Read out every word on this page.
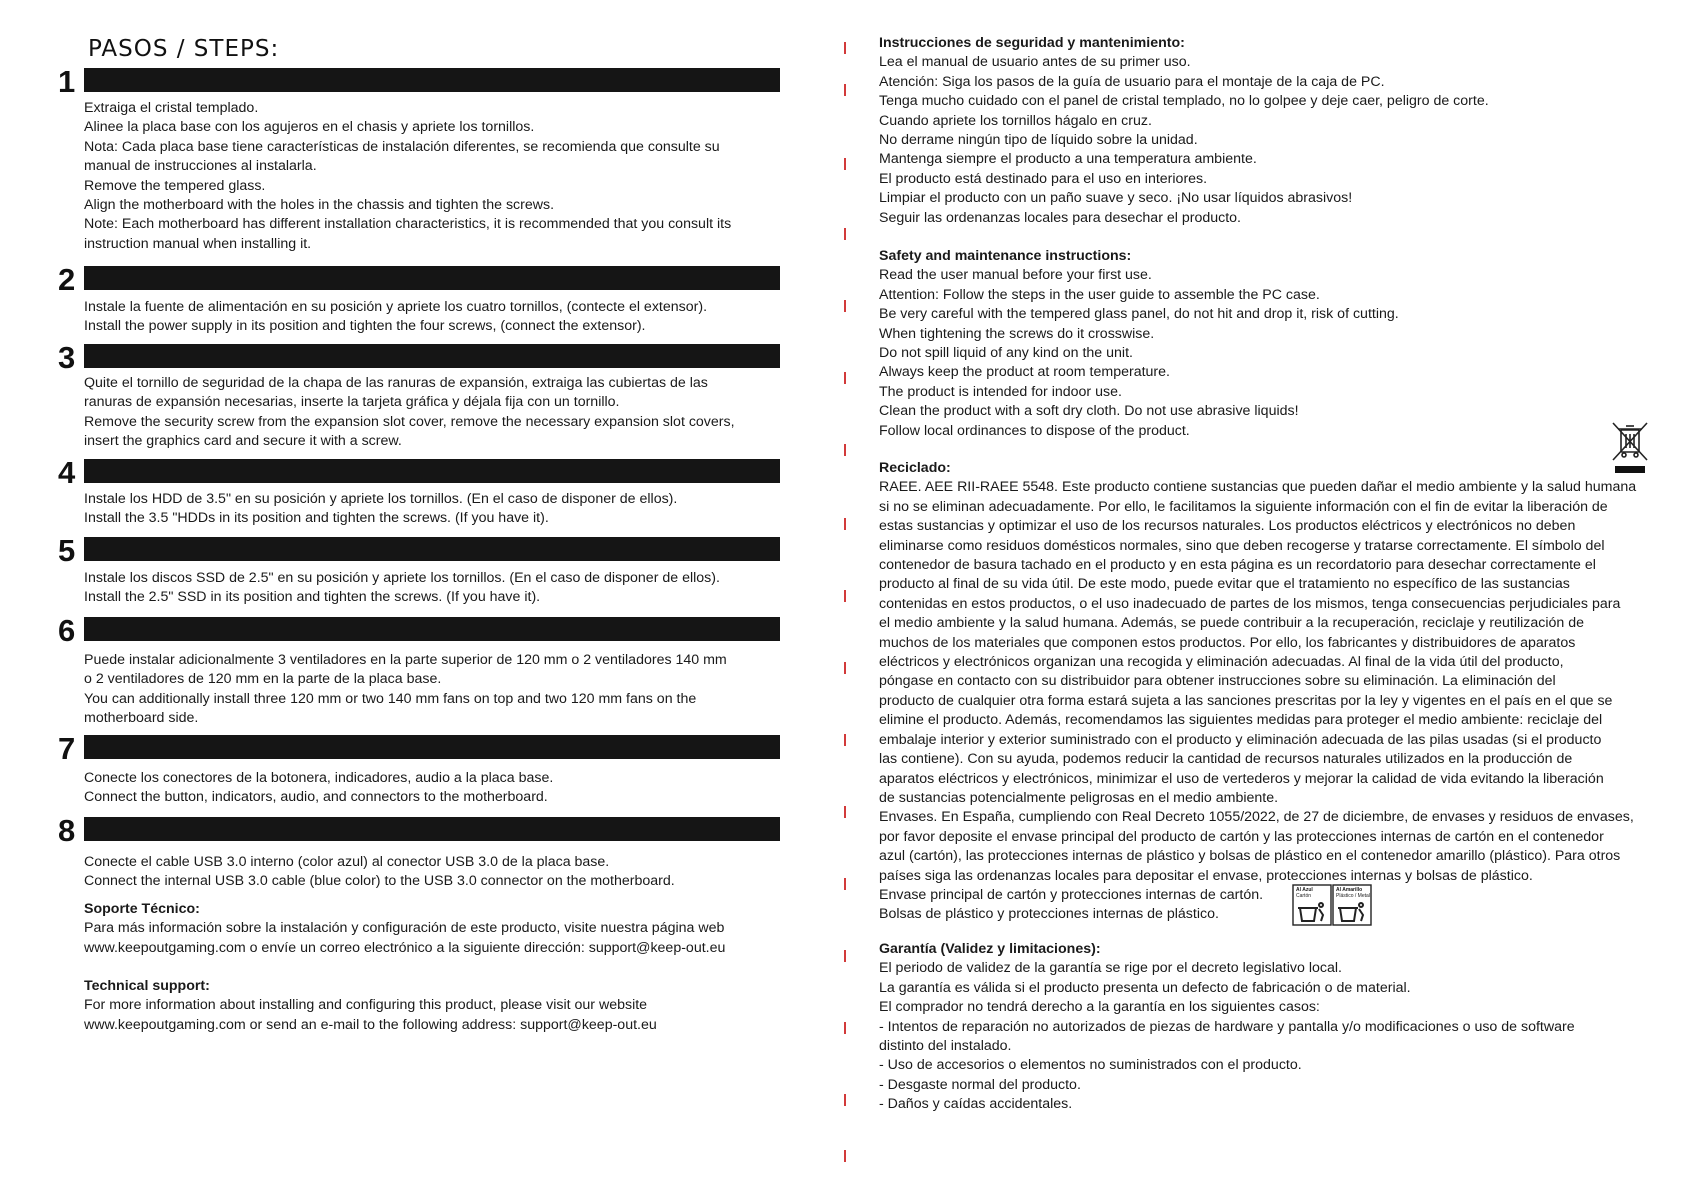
PASOS / STEPS:
1
Extraiga el cristal templado.
Alinee la placa base con los agujeros en el chasis y apriete los tornillos.
Nota: Cada placa base tiene características de instalación diferentes, se recomienda que consulte su
manual de instrucciones al instalarla.
Remove the tempered glass.
Align the motherboard with the holes in the chassis and tighten the screws.
Note: Each motherboard has different installation characteristics, it is recommended that you consult its
instruction manual when installing it.
2
Instale la fuente de alimentación en su posición y apriete los cuatro tornillos, (contecte el extensor).
Install the power supply in its position and tighten the four screws, (connect the extensor).
3
Quite el tornillo de seguridad de la chapa de las ranuras de expansión, extraiga las cubiertas de las
ranuras de expansión necesarias, inserte la tarjeta gráfica y déjala fija con un tornillo.
Remove the security screw from the expansion slot cover, remove the necessary expansion slot covers,
insert the graphics card and secure it with a screw.
4
Instale los HDD de 3.5" en su posición y apriete los tornillos. (En el caso de disponer de ellos).
Install the 3.5 "HDDs in its position and tighten the screws. (If you have it).
5
Instale los discos SSD de 2.5" en su posición y apriete los tornillos. (En el caso de disponer de ellos).
Install the 2.5" SSD in its position and tighten the screws. (If you have it).
6
Puede instalar adicionalmente 3 ventiladores en la parte superior de 120 mm o 2 ventiladores 140 mm
o 2 ventiladores de 120 mm en la parte de la placa base.
You can additionally install three 120 mm or two 140 mm fans on top and two 120 mm fans on the
motherboard side.
7
Conecte los conectores de la botonera, indicadores, audio a la placa base.
Connect the button, indicators, audio, and connectors to the motherboard.
8
Conecte el cable USB 3.0 interno (color azul) al conector USB 3.0 de la placa base.
Connect the internal USB 3.0 cable (blue color) to the USB 3.0 connector on the motherboard.
Soporte Técnico:
Para más información sobre la instalación y configuración de este producto, visite nuestra página web
www.keepoutgaming.com o envíe un correo electrónico a la siguiente dirección: support@keep-out.eu
Technical support:
For more information about installing and configuring this product, please visit our website
www.keepoutgaming.com or send an e-mail to the following address: support@keep-out.eu
Instrucciones de seguridad y mantenimiento:
Lea el manual de usuario antes de su primer uso.
Atención: Siga los pasos de la guía de usuario para el montaje de la caja de PC.
Tenga mucho cuidado con el panel de cristal templado, no lo golpee y deje caer, peligro de corte.
Cuando apriete los tornillos hágalo en cruz.
No derrame ningún tipo de líquido sobre la unidad.
Mantenga siempre el producto a una temperatura ambiente.
El producto está destinado para el uso en interiores.
Limpiar el producto con un paño suave y seco. ¡No usar líquidos abrasivos!
Seguir las ordenanzas locales para desechar el producto.
Safety and maintenance instructions:
Read the user manual before your first use.
Attention: Follow the steps in the user guide to assemble the PC case.
Be very careful with the tempered glass panel, do not hit and drop it, risk of cutting.
When tightening the screws do it crosswise.
Do not spill liquid of any kind on the unit.
Always keep the product at room temperature.
The product is intended for indoor use.
Clean the product with a soft dry cloth. Do not use abrasive liquids!
Follow local ordinances to dispose of the product.
Reciclado:
RAEE. AEE RII-RAEE 5548. Este producto contiene sustancias que pueden dañar el medio ambiente y la salud humana
si no se eliminan adecuadamente. Por ello, le facilitamos la siguiente información con el fin de evitar la liberación de
estas sustancias y optimizar el uso de los recursos naturales. Los productos eléctricos y electrónicos no deben
eliminarse como residuos domésticos normales, sino que deben recogerse y tratarse correctamente. El símbolo del
contenedor de basura tachado en el producto y en esta página es un recordatorio para desechar correctamente el
producto al final de su vida útil. De este modo, puede evitar que el tratamiento no específico de las sustancias
contenidas en estos productos, o el uso inadecuado de partes de los mismos, tenga consecuencias perjudiciales para
el medio ambiente y la salud humana. Además, se puede contribuir a la recuperación, reciclaje y reutilización de
muchos de los materiales que componen estos productos. Por ello, los fabricantes y distribuidores de aparatos
eléctricos y electrónicos organizan una recogida y eliminación adecuadas. Al final de la vida útil del producto,
póngase en contacto con su distribuidor para obtener instrucciones sobre su eliminación. La eliminación del
producto de cualquier otra forma estará sujeta a las sanciones prescritas por la ley y vigentes en el país en el que se
elimine el producto. Además, recomendamos las siguientes medidas para proteger el medio ambiente: reciclaje del
embalaje interior y exterior suministrado con el producto y eliminación adecuada de las pilas usadas (si el producto
las contiene). Con su ayuda, podemos reducir la cantidad de recursos naturales utilizados en la producción de
aparatos eléctricos y electrónicos, minimizar el uso de vertederos y mejorar la calidad de vida evitando la liberación
de sustancias potencialmente peligrosas en el medio ambiente.
Envases. En España, cumpliendo con Real Decreto 1055/2022, de 27 de diciembre, de envases y residuos de envases,
por favor deposite el envase principal del producto de cartón y las protecciones internas de cartón en el contenedor
azul (cartón), las protecciones internas de plástico y bolsas de plástico en el contenedor amarillo (plástico). Para otros
países siga las ordenanzas locales para depositar el envase, protecciones internas y bolsas de plástico.
Envase principal de cartón y protecciones internas de cartón.
Bolsas de plástico y protecciones internas de plástico.
Garantía (Validez y limitaciones):
El periodo de validez de la garantía se rige por el decreto legislativo local.
La garantía es válida si el producto presenta un defecto de fabricación o de material.
El comprador no tendrá derecho a la garantía en los siguientes casos:
- Intentos de reparación no autorizados de piezas de hardware y pantalla y/o modificaciones o uso de software
distinto del instalado.
- Uso de accesorios o elementos no suministrados con el producto.
- Desgaste normal del producto.
- Daños y caídas accidentales.
Al Azul
Cartón
Al Amarillo
Plástico / Metal
